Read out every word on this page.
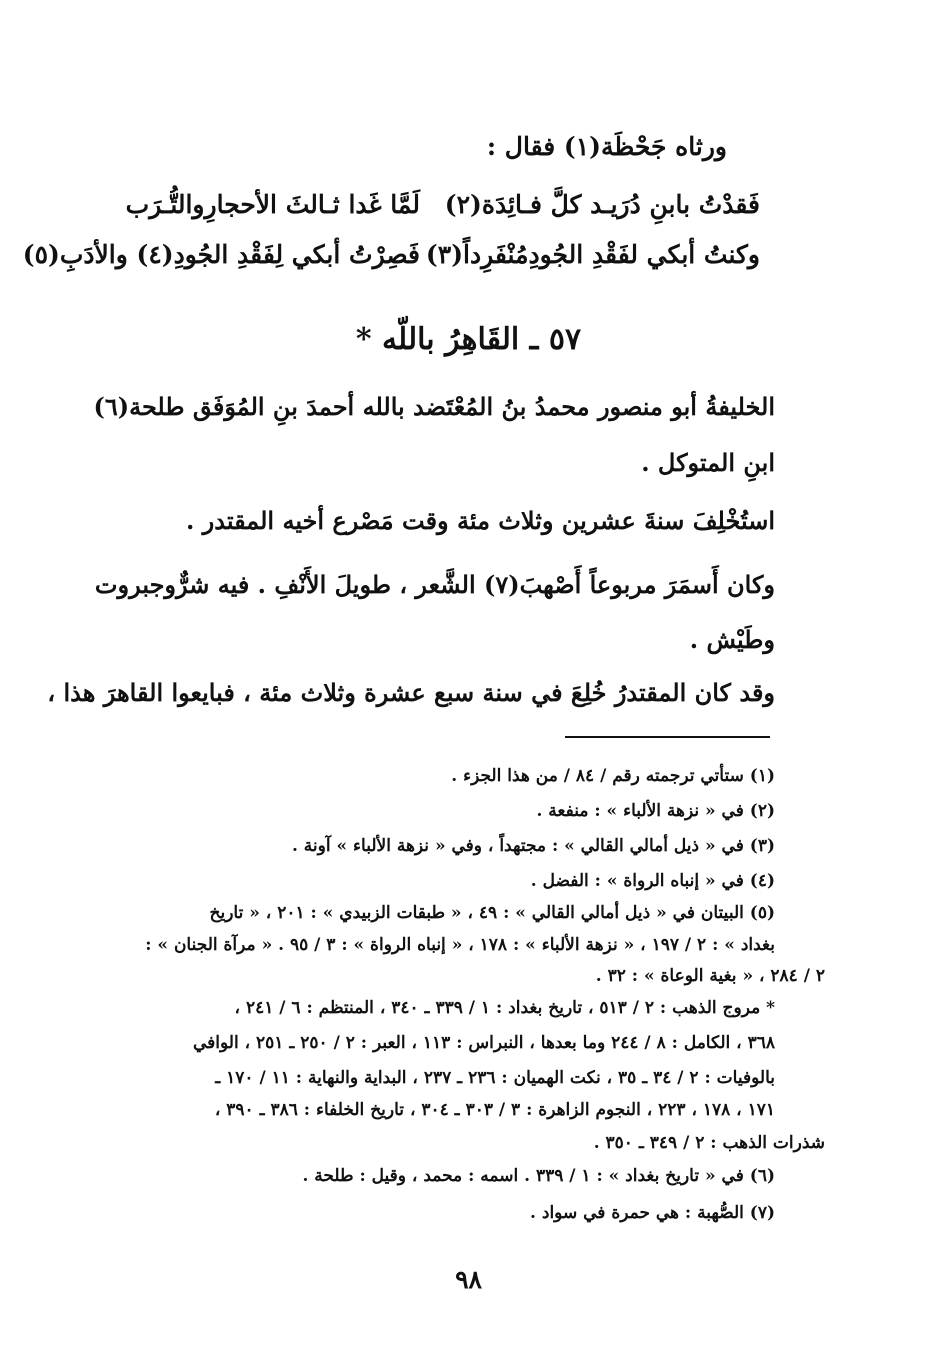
ورثاه جَحْظَة(١) فقال :
فَقدْتُ بابنِ دُرَيـد كلَّ فـائِدَة(٢)
لَمَّا غَدا ثـالثَ الأحجارِوالتُّـرَب
وكنتُ أبكي لفَقْدِ الجُودِمُنْفَرِداً(٣)
فَصِرْتُ أبكي لِفَقْدِ الجُودِ(٤) والأدَبِ(٥)
٥٧ ـ القَاهِرُ باللّه *
الخليفةُ أبو منصور محمدُ بنُ المُعْتَضد بالله أحمدَ بنِ المُوَفَق طلحة(٦)
ابنِ المتوكل .
استُخْلِفَ سنةَ عشرين وثلاث مئة وقت مَصْرع أخيه المقتدر .
وكان أَسمَرَ مربوعاً أَصْهبَ(٧) الشَّعر ، طويلَ الأَنْفِ . فيه شرٌّوجبروت
وطَيْش .
وقد كان المقتدرُ خُلِعَ في سنة سبع عشرة وثلاث مئة ، فبايعوا القاهرَ هذا ،
(١) ستأتي ترجمته رقم / ٨٤ / من هذا الجزء .
(٢) في « نزهة الألباء » : منفعة .
(٣) في « ذيل أمالي القالي » : مجتهداً ، وفي « نزهة الألباء » آونة .
(٤) في « إنباه الرواة » : الفضل .
(٥) البيتان في « ذيل أمالي القالي » : ٤٩ ، « طبقات الزبيدي » : ٢٠١ ، « تاريخ
بغداد » : ٢ / ١٩٧ ، « نزهة الألباء » : ١٧٨ ، « إنباه الرواة » : ٣ / ٩٥ . « مرآة الجنان » :
٢ / ٢٨٤ ، « بغية الوعاة » : ٣٢ .
* مروج الذهب : ٢ / ٥١٣ ، تاريخ بغداد : ١ / ٣٣٩ ـ ٣٤٠ ، المنتظم : ٦ / ٢٤١ ،
٣٦٨ ، الكامل : ٨ / ٢٤٤ وما بعدها ، النبراس : ١١٣ ، العبر : ٢ / ٢٥٠ ـ ٢٥١ ، الوافي
بالوفيات : ٢ / ٣٤ ـ ٣٥ ، نكت الهميان : ٢٣٦ ـ ٢٣٧ ، البداية والنهاية : ١١ / ١٧٠ ـ
١٧١ ، ١٧٨ ، ٢٢٣ ، النجوم الزاهرة : ٣ / ٣٠٣ ـ ٣٠٤ ، تاريخ الخلفاء : ٣٨٦ ـ ٣٩٠ ،
شذرات الذهب : ٢ / ٣٤٩ ـ ٣٥٠ .
(٦) في « تاريخ بغداد » : ١ / ٣٣٩ . اسمه : محمد ، وقيل : طلحة .
(٧) الصُّهبة : هي حمرة في سواد .
٩٨
